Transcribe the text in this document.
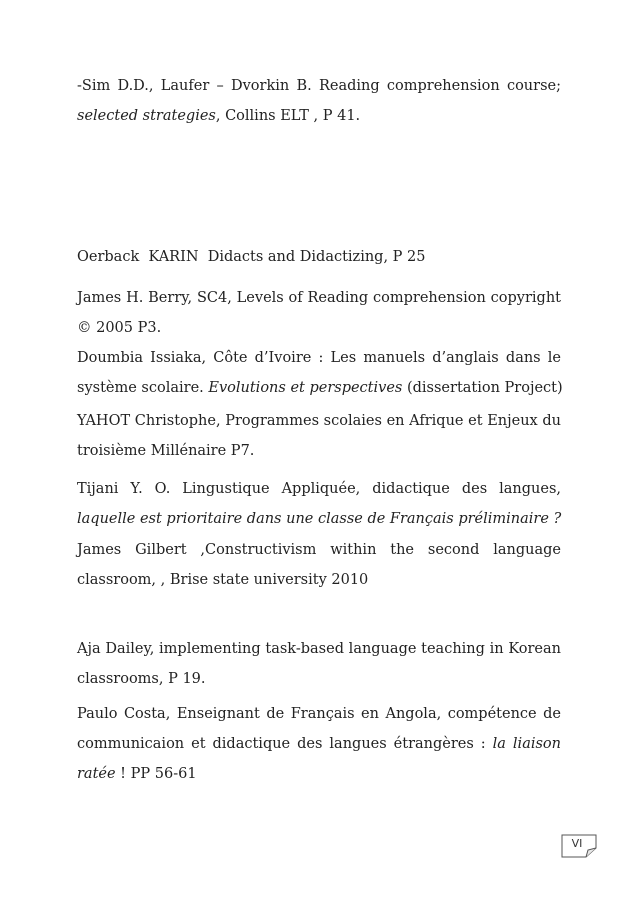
-Sim D.D., Laufer – Dvorkin B. Reading comprehension course;
selected strategies, Collins ELT , P 41.

Oerback  KARIN  Didacts and Didactizing, P 25

James H. Berry, SC4, Levels of Reading comprehension copyright
© 2005 P3.

Doumbia Issiaka, Côte d’Ivoire : Les manuels d’anglais dans le
système scolaire. Evolutions et perspectives (dissertation Project)

YAHOT Christophe, Programmes scolaies en Afrique et Enjeux du
troisième Millénaire P7.

Tijani Y. O. Lingustique Appliquée, didactique des langues,
laquelle est prioritaire dans une classe de Français préliminaire ?

James Gilbert ,Constructivism within the second language
classroom, , Brise state university 2010

Aja Dailey, implementing task-based language teaching in Korean
classrooms, P 19.

Paulo Costa, Enseignant de Français en Angola, compétence de
communicaion et didactique des langues étrangères : la liaison
ratée ! PP 56-61

VI
